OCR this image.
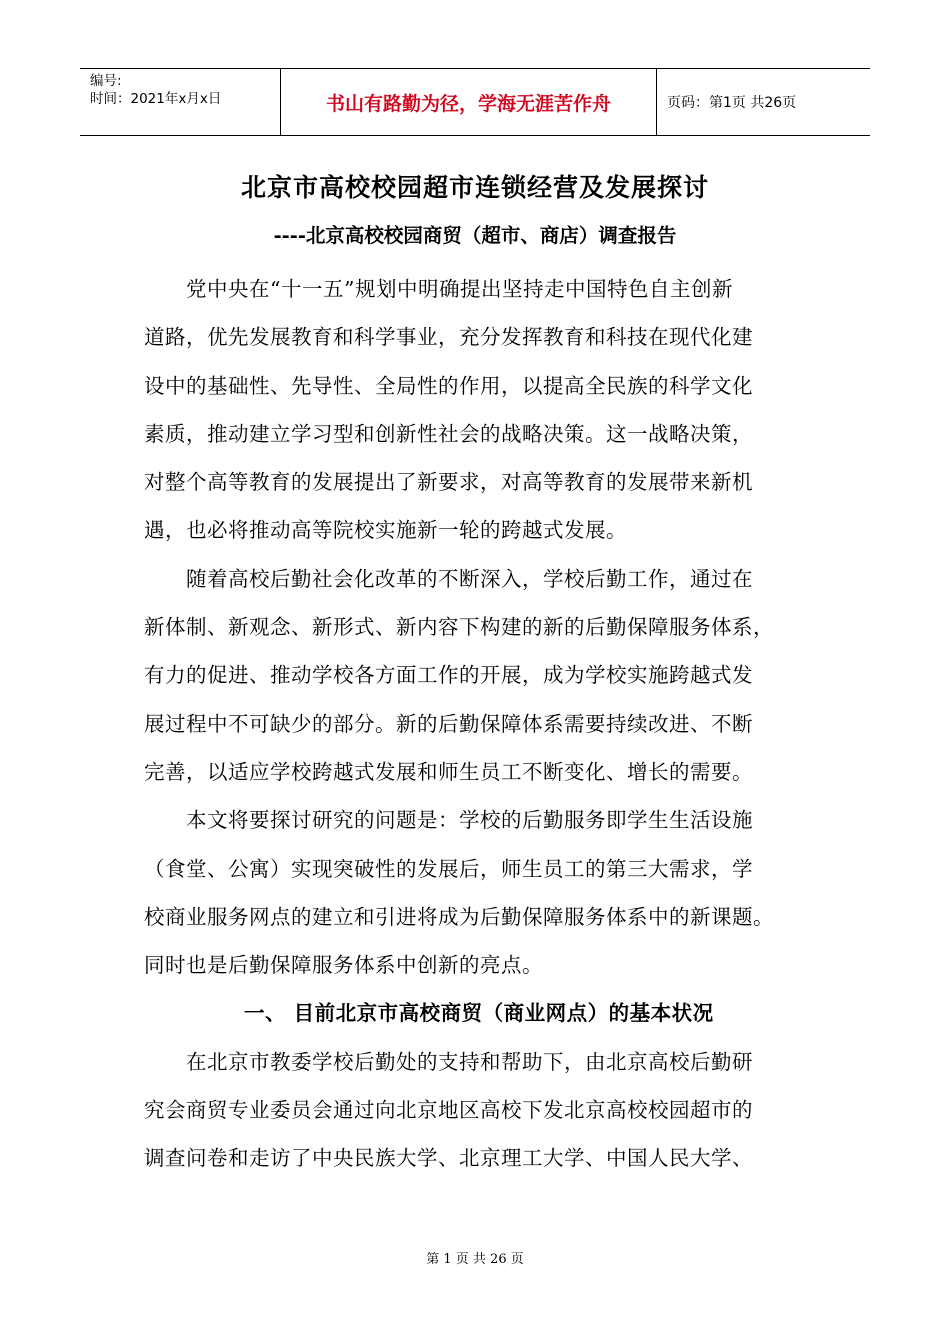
编号:
时间：2021年x月x日	书山有路勤为径，学海无涯苦作舟	页码：第1页 共26页
北京市高校校园超市连锁经营及发展探讨
----北京高校校园商贸（超市、商店）调查报告
党中央在“十一五”规划中明确提出坚持走中国特色自主创新
道路，优先发展教育和科学事业，充分发挥教育和科技在现代化建
设中的基础性、先导性、全局性的作用，以提高全民族的科学文化
素质，推动建立学习型和创新性社会的战略决策。这一战略决策，
对整个高等教育的发展提出了新要求，对高等教育的发展带来新机
遇，也必将推动高等院校实施新一轮的跨越式发展。
随着高校后勤社会化改革的不断深入，学校后勤工作，通过在
新体制、新观念、新形式、新内容下构建的新的后勤保障服务体系，
有力的促进、推动学校各方面工作的开展，成为学校实施跨越式发
展过程中不可缺少的部分。新的后勤保障体系需要持续改进、不断
完善，以适应学校跨越式发展和师生员工不断变化、增长的需要。
本文将要探讨研究的问题是：学校的后勤服务即学生生活设施
（食堂、公寓）实现突破性的发展后，师生员工的第三大需求，学
校商业服务网点的建立和引进将成为后勤保障服务体系中的新课题。
同时也是后勤保障服务体系中创新的亮点。
一、 目前北京市高校商贸（商业网点）的基本状况
在北京市教委学校后勤处的支持和帮助下，由北京高校后勤研
究会商贸专业委员会通过向北京地区高校下发北京高校校园超市的
调查问卷和走访了中央民族大学、北京理工大学、中国人民大学、
第 1 页 共 26 页
